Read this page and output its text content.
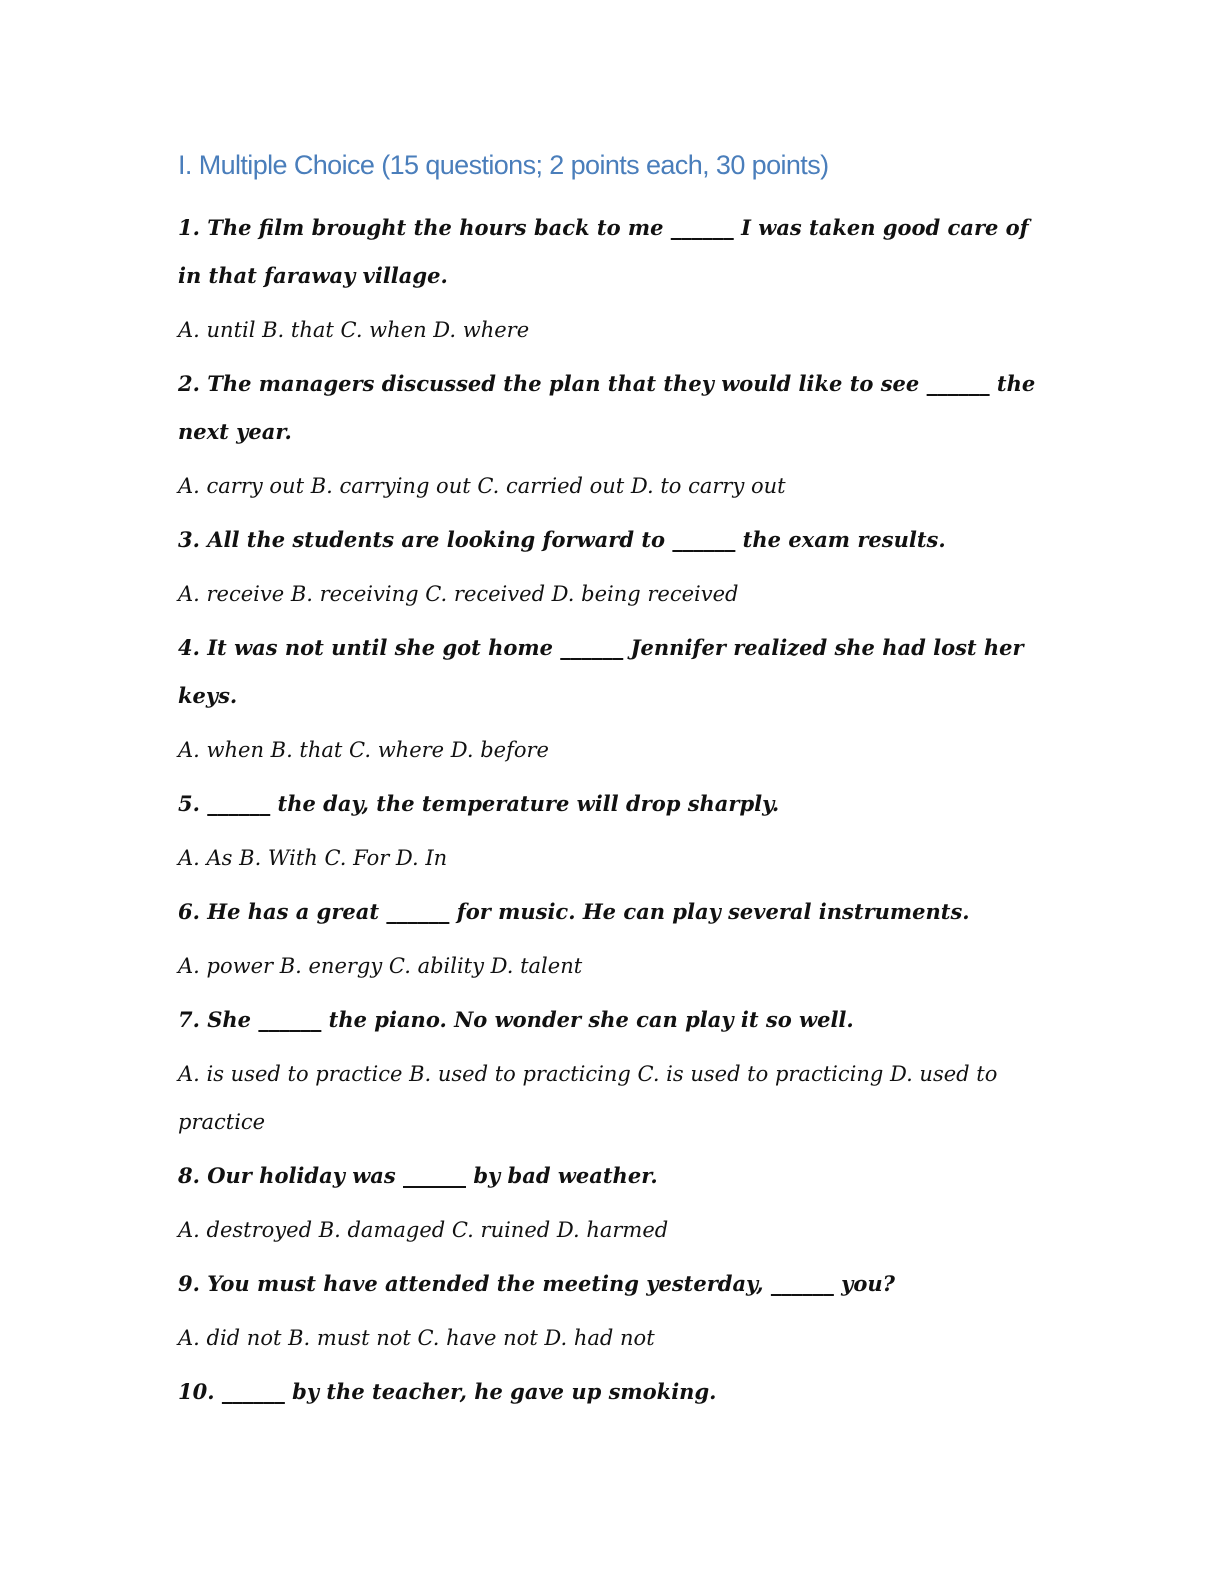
I. Multiple Choice (15 questions; 2 points each, 30 points)

1. The film brought the hours back to me ______ I was taken good care of in that faraway village.

A. until B. that C. when D. where

2. The managers discussed the plan that they would like to see ______ the next year.

A. carry out B. carrying out C. carried out D. to carry out

3. All the students are looking forward to ______ the exam results.

A. receive B. receiving C. received D. being received

4. It was not until she got home ______ Jennifer realized she had lost her keys.

A. when B. that C. where D. before

5. ______ the day, the temperature will drop sharply.

A. As B. With C. For D. In

6. He has a great ______ for music. He can play several instruments.

A. power B. energy C. ability D. talent

7. She ______ the piano. No wonder she can play it so well.

A. is used to practice B. used to practicing C. is used to practicing D. used to practice

8. Our holiday was ______ by bad weather.

A. destroyed B. damaged C. ruined D. harmed

9. You must have attended the meeting yesterday, ______ you?

A. did not B. must not C. have not D. had not

10. ______ by the teacher, he gave up smoking.
